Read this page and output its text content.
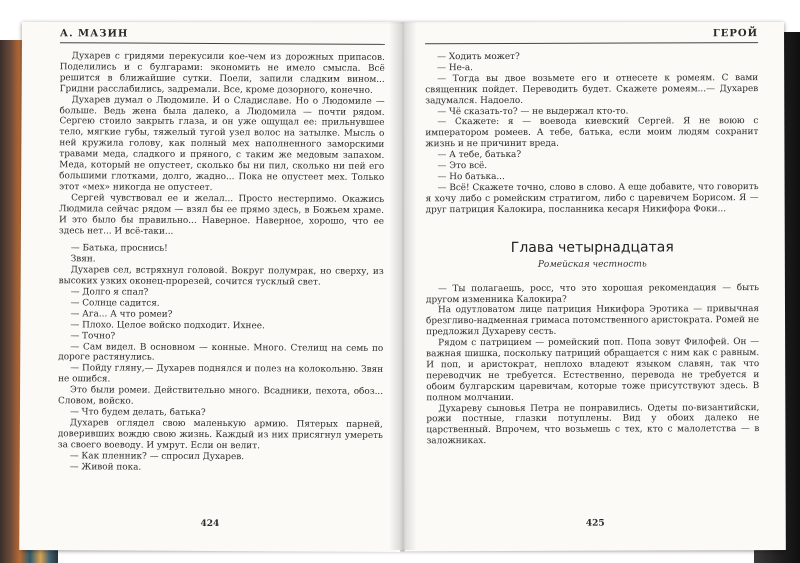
А. МАЗИН

Духарев с гридями перекусили кое-чем из дорожных припасов. Поделились и с булгарами: экономить не имело смысла. Всё решится в ближайшие сутки. Поели, запили сладким вином... Гридни расслабились, задремали. Все, кроме дозорного, конечно.

Духарев думал о Людомиле. И о Сладиславе. Но о Людомиле — больше. Ведь жена была далеко, а Людомила — почти рядом. Сергею стоило закрыть глаза, и он уже ощущал ее: прильнувшее тело, мягкие губы, тяжелый тугой узел волос на затылке. Мысль о ней кружила голову, как полный мех наполненного заморскими травами меда, сладкого и пряного, с таким же медовым запахом. Меда, который не опустеет, сколько бы ни пил, сколько ни пей его большими глотками, долго, жадно... Пока не опустеет мех. Только этот «мех» никогда не опустеет.

Сергей чувствовал ее и желал... Просто нестерпимо. Окажись Людмила сейчас рядом — взял бы ее прямо здесь, в Божьем храме. И это было бы правильно... Наверное. Наверное, хорошо, что ее здесь нет... И всё-таки...

— Батька, проснись!

Звян.

Духарев сел, встряхнул головой. Вокруг полумрак, но сверху, из высоких узких оконец-прорезей, сочится тусклый свет.

— Долго я спал?

— Солнце садится.

— Ага... А что ромеи?

— Плохо. Целое войско подходит. Ихнее.

— Точно?

— Сам видел. В основном — конные. Много. Стелищ на семь по дороге растянулись.

— Пойду гляну,— Духарев поднялся и полез на колокольню. Звян не ошибся.

Это были ромеи. Действительно много. Всадники, пехота, обоз... Словом, войско.

— Что будем делать, батька?

Духарев оглядел свою маленькую армию. Пятерых парней, доверивших вождю свою жизнь. Каждый из них присягнул умереть за своего воеводу. И умрут. Если он велит.

— Как пленник? — спросил Духарев.

— Живой пока.

424
ГЕРОЙ

— Ходить может?

— Не-а.

— Тогда вы двое возьмете его и отнесете к ромеям. С вами священник пойдет. Переводить будет. Скажете ромеям...— Духарев задумался. Надоело.

— Чё сказать-то? — не выдержал кто-то.

— Скажете: я — воевода киевский Сергей. Я не воюю с императором ромеев. А тебе, батька, если моим людям сохранит жизнь и не причинит вреда.

— А тебе, батька?

— Это всё.

— Но батька...

— Всё! Скажете точно, слово в слово. А еще добавите, что говорить я хочу либо с ромейским стратигом, либо с царевичем Борисом. Я — друг патриция Калокира, посланника кесаря Никифора Фоки...

Глава четырнадцатая
Ромейская честность

— Ты полагаешь, росс, что это хорошая рекомендация — быть другом изменника Калокира?

На одутловатом лице патриция Никифора Эротика — привычная брезгливо-надменная гримаса потомственного аристократа. Ромей не предложил Духареву сесть.

Рядом с патрицием — ромейский поп. Попа зовут Филофей. Он — важная шишка, поскольку патриций обращается с ним как с равным. И поп, и аристократ, неплохо владеют языком славян, так что переводчик не требуется. Естественно, перевода не требуется и обоим булгарским царевичам, которые тоже присутствуют здесь. В полном молчании.

Духареву сыновья Петра не понравились. Одеты по-византийски, рожи постные, глазки потуплены. Вид у обоих далеко не царственный. Впрочем, что возьмешь с тех, кто с малолетства — в заложниках.

425
